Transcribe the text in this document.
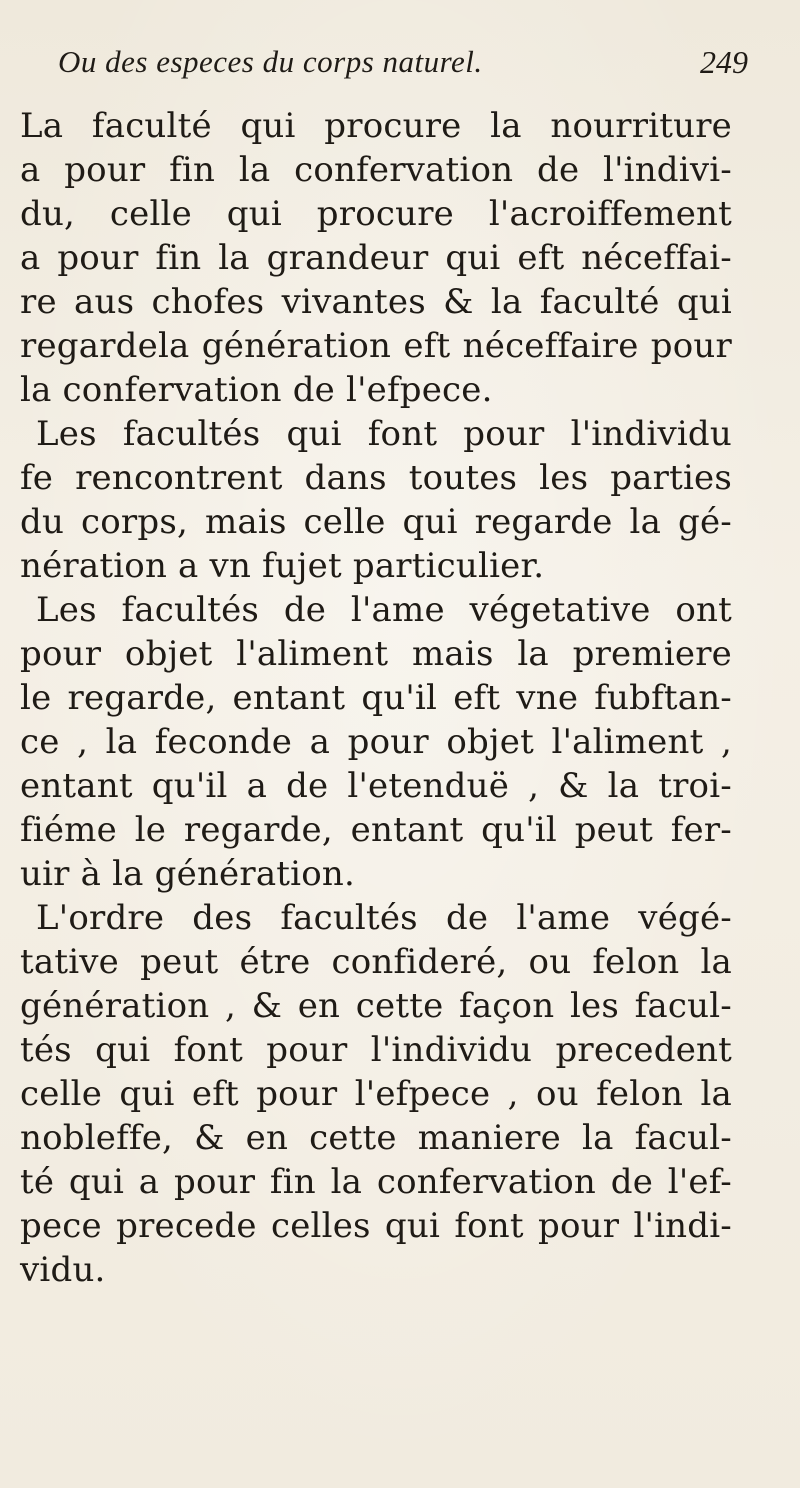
Ou des especes du corps naturel.	249
La faculté qui procure la nourriture
a pour fin la confervation de l'indivi-
du, celle qui procure l'acroiffement
a pour fin la grandeur qui eft néceffai-
re aus chofes vivantes & la faculté qui
regardela génération eft néceffaire pour
la confervation de l'efpece.
Les facultés qui font pour l'individu
fe rencontrent dans toutes les parties
du corps, mais celle qui regarde la gé-
nération a vn fujet particulier.
Les facultés de l'ame végetative ont
pour objet l'aliment mais la premiere
le regarde, entant qu'il eft vne fubftan-
ce , la feconde a pour objet l'aliment ,
entant qu'il a de l'etenduë , & la troi-
fiéme le regarde, entant qu'il peut fer-
uir à la génération.
L'ordre des facultés de l'ame végé-
tative peut étre confideré, ou felon la
génération , & en cette façon les facul-
tés qui font pour l'individu precedent
celle qui eft pour l'efpece , ou felon la
nobleffe, & en cette maniere la facul-
té qui a pour fin la confervation de l'ef-
pece precede celles qui font pour l'indi-
vidu.
